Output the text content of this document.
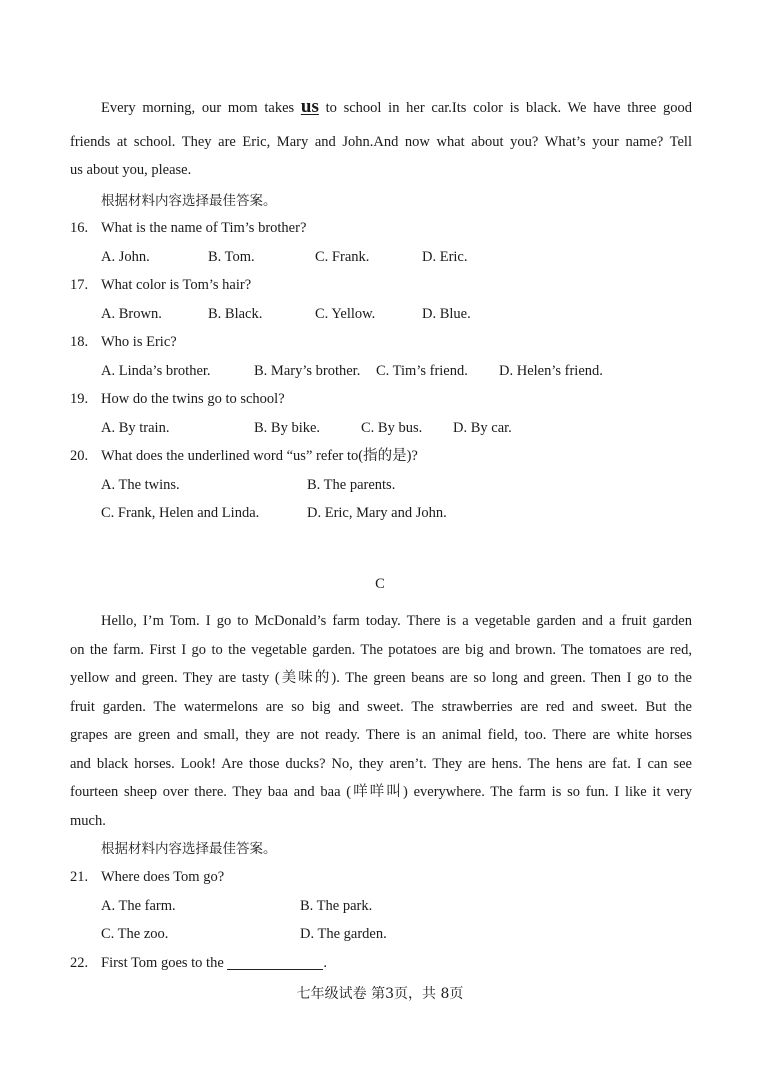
Every morning, our mom takes us to school in her car.Its color is black. We have three good
friends at school. They are Eric, Mary and John.And now what about you? What’s your name? Tell
us about you, please.
根据材料内容选择最佳答案。
16. What is the name of Tim’s brother?
A. John.	B. Tom.	C. Frank.	D. Eric.
17. What color is Tom’s hair?
A. Brown.	B. Black.	C. Yellow.	D. Blue.
18. Who is Eric?
A. Linda’s brother.	B. Mary’s brother. C. Tim’s friend. D. Helen’s friend.
19. How do the twins go to school?
A. By train.	B. By bike.	C. By bus. D. By car.
20. What does the underlined word “us” refer to(指的是)?
A. The twins.	B. The parents.
C. Frank, Helen and Linda.	D. Eric, Mary and John.
C
Hello, I’m Tom. I go to McDonald’s farm today. There is a vegetable garden and a fruit garden
on the farm. First I go to the vegetable garden. The potatoes are big and brown. The tomatoes are red,
yellow and green. They are tasty (美味的). The green beans are so long and green. Then I go to the
fruit garden. The watermelons are so big and sweet. The strawberries are red and sweet. But the
grapes are green and small, they are not ready. There is an animal field, too. There are white horses
and black horses. Look! Are those ducks? No, they aren’t. They are hens. The hens are fat. I can see
fourteen sheep over there. They baa and baa (咩咩叫) everywhere. The farm is so fun. I like it very
much.
根据材料内容选择最佳答案。
21. Where does Tom go?
A. The farm.	B. The park.
C. The zoo.	D. The garden.
22. First Tom goes to the	.
七年级试卷 第3页，共 8页
